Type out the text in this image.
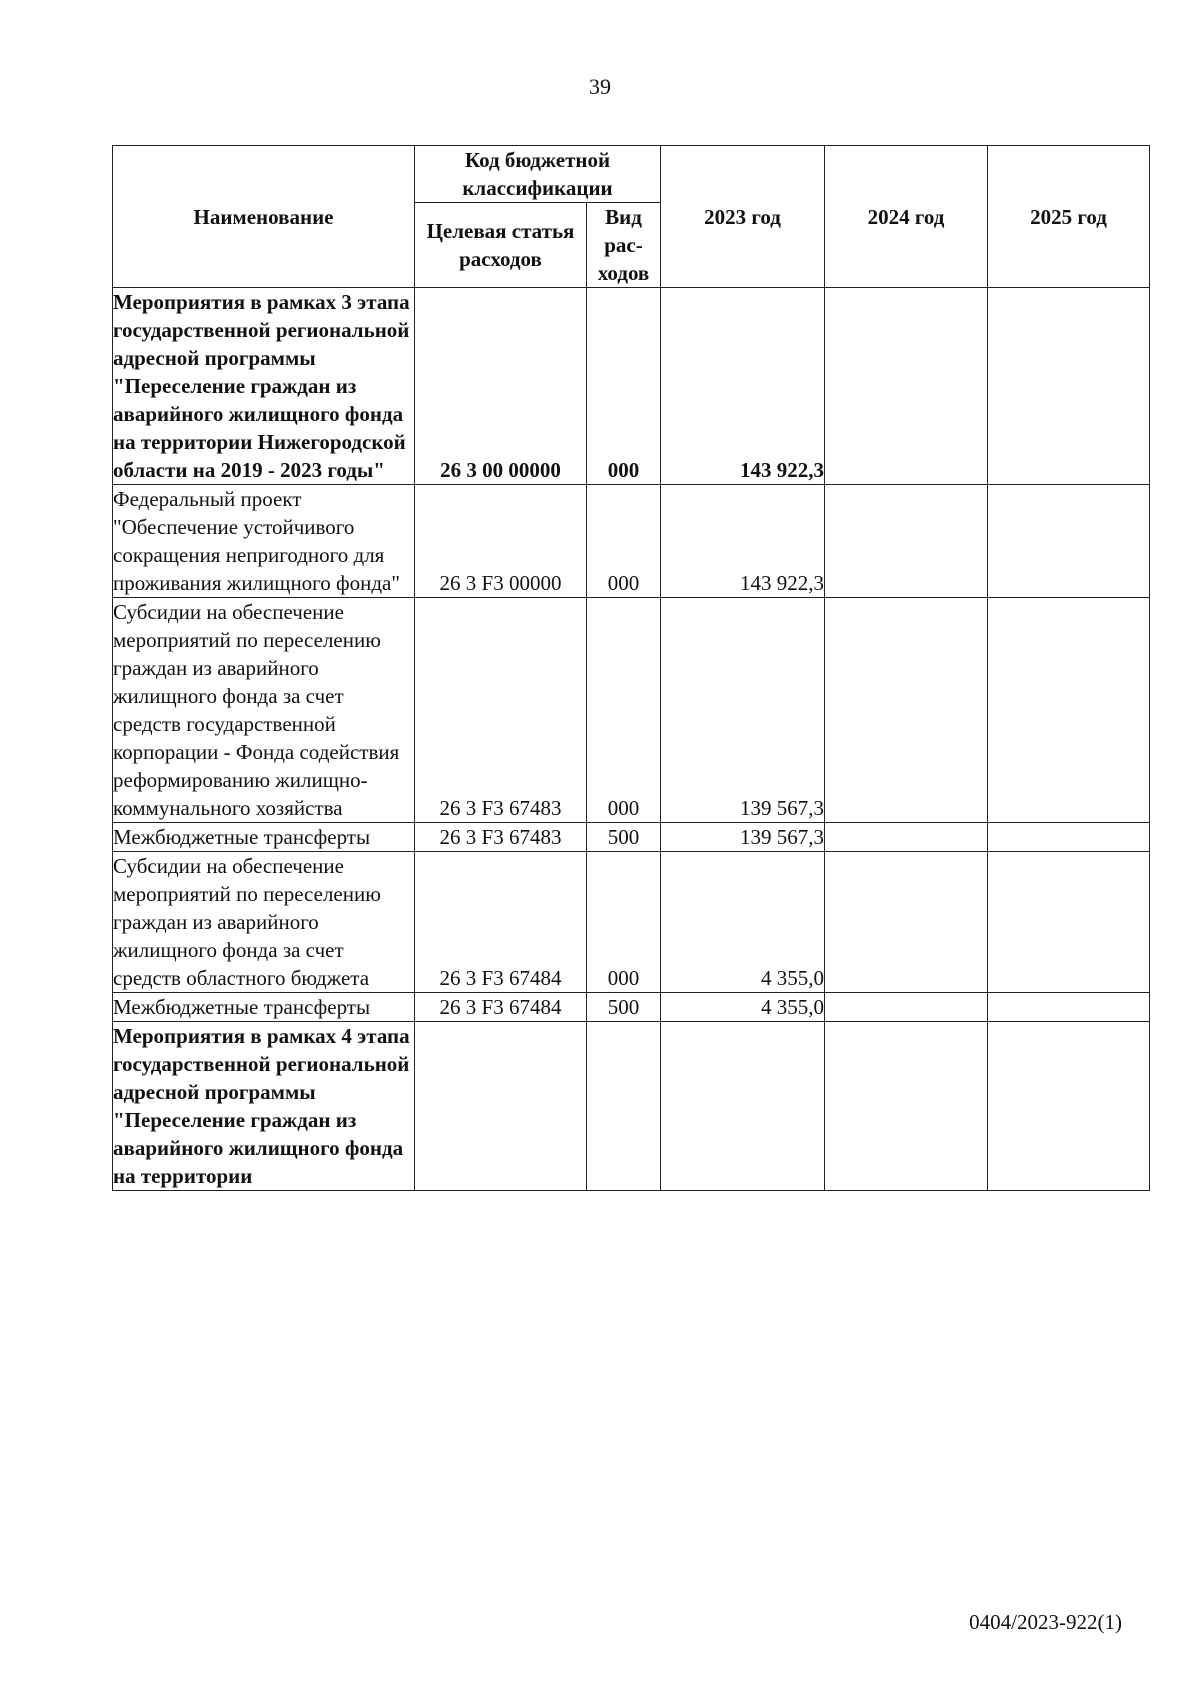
39
Наименование	Код бюджетной классификации		2023 год	2024 год	2025 год
	Целевая статья расходов	Вид рас-ходов			
Мероприятия в рамках 3 этапа государственной региональной адресной программы "Переселение граждан из аварийного жилищного фонда на территории Нижегородской области на 2019 - 2023 годы"	26 3 00 00000	000	143 922,3		
Федеральный проект "Обеспечение устойчивого сокращения непригодного для проживания жилищного фонда"	26 3 F3 00000	000	143 922,3		
Субсидии на обеспечение мероприятий по переселению граждан из аварийного жилищного фонда за счет средств государственной корпорации - Фонда содействия реформированию жилищно-коммунального хозяйства	26 3 F3 67483	000	139 567,3		
Межбюджетные трансферты	26 3 F3 67483	500	139 567,3		
Субсидии на обеспечение мероприятий по переселению граждан из аварийного жилищного фонда за счет средств областного бюджета	26 3 F3 67484	000	4 355,0		
Межбюджетные трансферты	26 3 F3 67484	500	4 355,0		
Мероприятия в рамках 4 этапа государственной региональной адресной программы "Переселение граждан из аварийного жилищного фонда на территории					
0404/2023-922(1)
